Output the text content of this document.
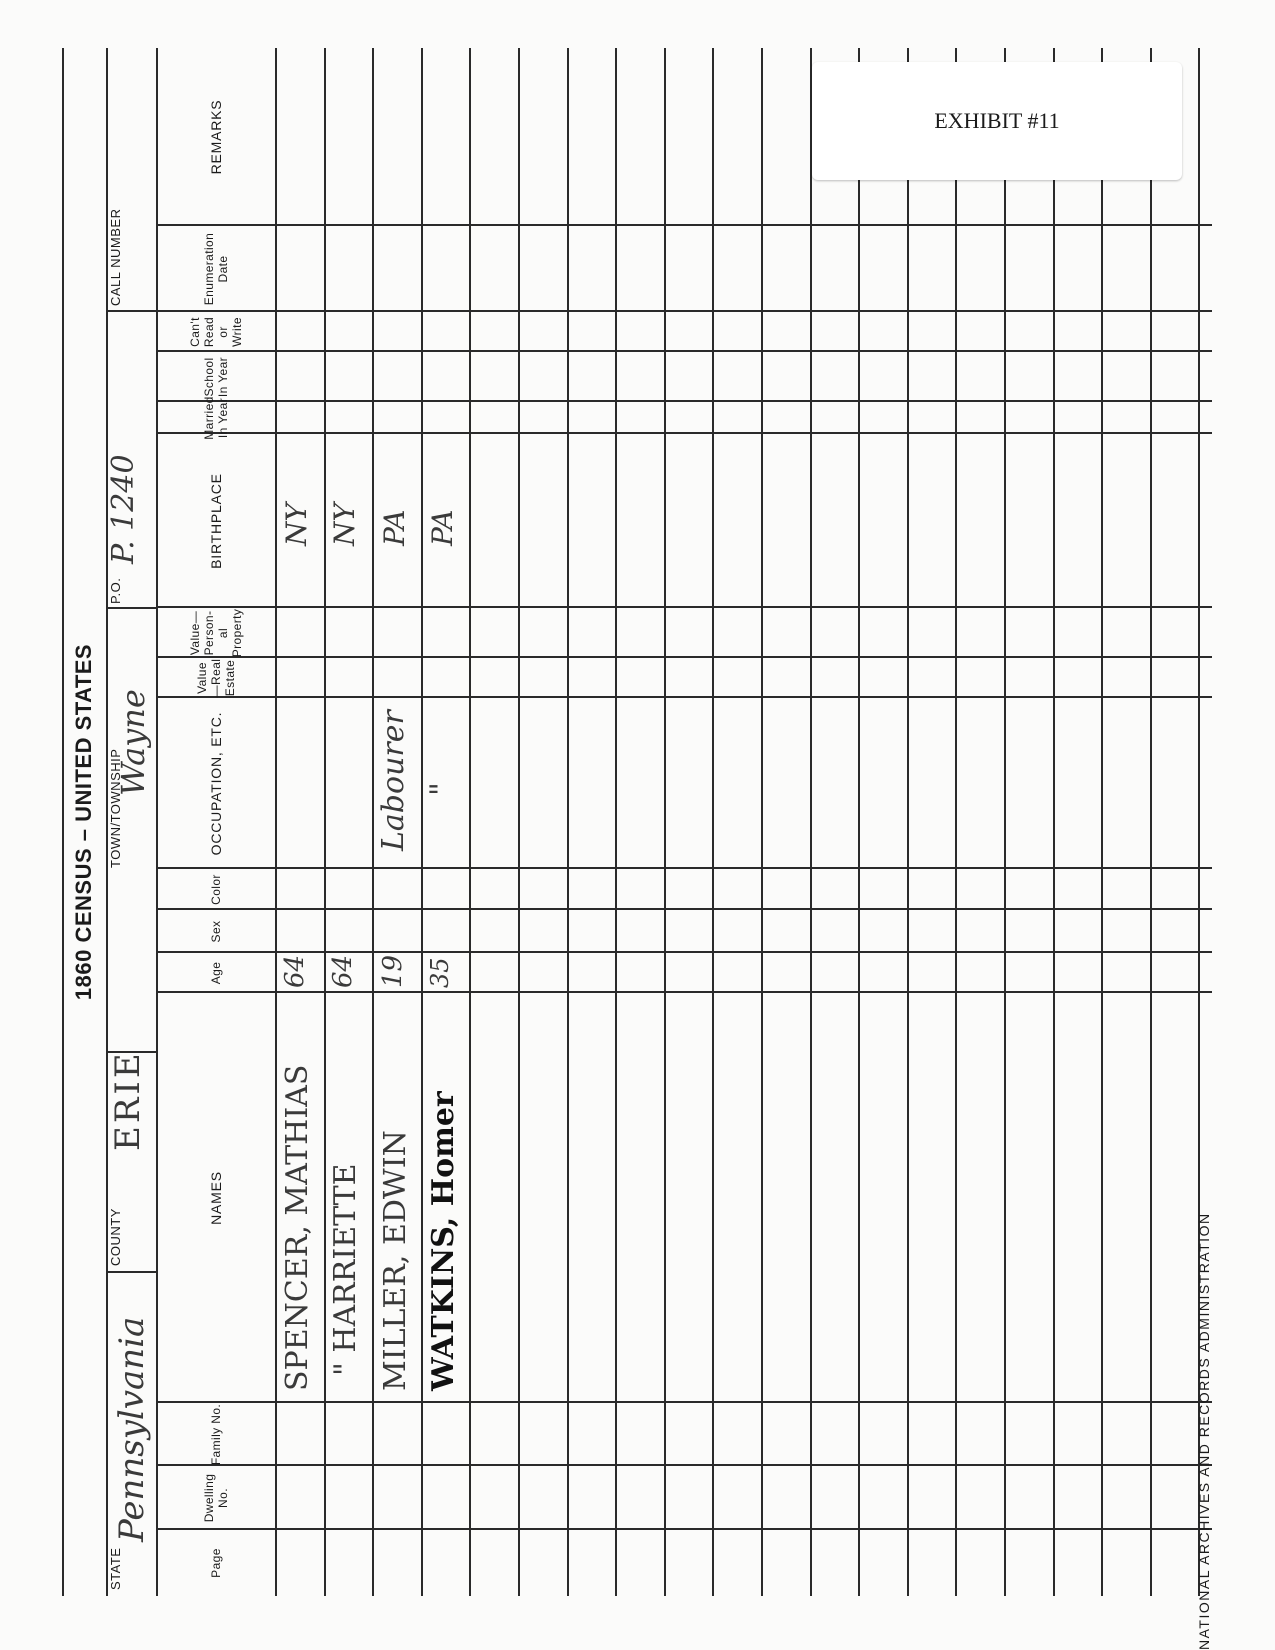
1860 CENSUS – UNITED STATES
STATE
COUNTY
TOWN/TOWNSHIP
P.O.
CALL NUMBER
Pennsylvania
ERIE
Wayne
P. 1240
Page
Dwelling No.
Family No.
NAMES
Age
Sex
Color
OCCUPATION, ETC.
Value—Real Estate
Value—Person-al Property
BIRTHPLACE
Married In Year
School In Year
Can't Read or Write
Enumeration Date
REMARKS
SPENCER, MATHIAS
64
NY
" HARRIETTE
64
NY
MILLER, EDWIN
19
Labourer
PA
WATKINS, Homer
35
"
PA
EXHIBIT #11
NATIONAL ARCHIVES AND RECORDS ADMINISTRATION
